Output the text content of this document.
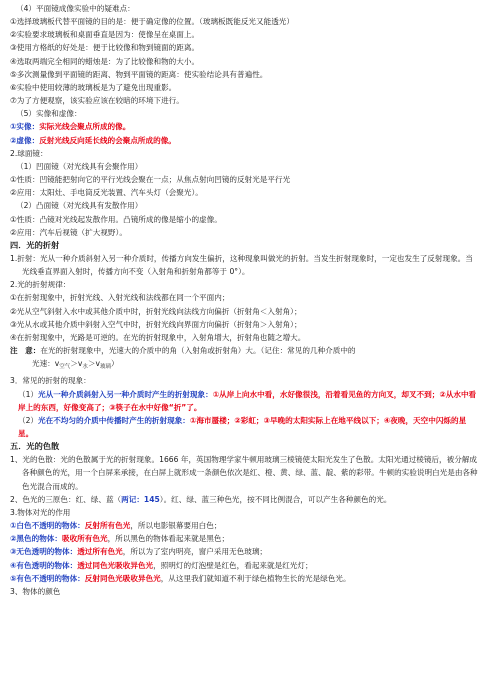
（4）平面镜成像实验中的疑难点：
①选择玻璃板代替平面镜的目的是：便于确定像的位置。（玻璃板既能反光又能透光）
②实验要求玻璃板和桌面垂直是因为：使像呈在桌面上。
③使用方格纸的好处是：便于比较像和物到镜面的距离。
④选取两端完全相同的蜡烛是：为了比较像和物的大小。
⑤多次测量像到平面镜的距离、物到平面镜的距离：使实验结论具有普遍性。
⑥实验中使用较薄的玻璃板是为了避免出现重影。
⑦为了方便观察，该实验应该在较暗的环境下进行。
（5）实像和虚像：
①实像：实际光线会聚点所成的像。
②虚像：反射光线反向延长线的会聚点所成的像。
2.球面镜：
（1）凹面镜（对光线具有会聚作用）
①性质：凹镜能把射向它的平行光线会聚在一点；从焦点射向凹镜的反射光是平行光
②应用：太阳灶、手电筒反光装置、汽车头灯（会聚光）。
（2）凸面镜（对光线具有发散作用）
①性质：凸镜对光线起发散作用。凸镜所成的像是缩小的虚像。
②应用：汽车后视镜（扩大视野）。
四．光的折射
1.折射：光从一种介质斜射入另一种介质时，传播方向发生偏折，这种现象叫做光的折射。当发生折射现象时，一定也发生了反射现象。当光线垂直界面入射时，传播方向不变（入射角和折射角都等于 0°）。
2.光的折射规律：
①在折射现象中，折射光线、入射光线和法线都在同一个平面内；
②光从空气斜射入水中或其他介质中时，折射光线向法线方向偏折（折射角＜入射角）；
③光从水或其他介质中斜射入空气中时，折射光线向界面方向偏折（折射角＞入射角）；
④在折射现象中，光路是可逆的。在光的折射现象中，入射角增大，折射角也随之增大。
注　意：在光的折射现象中，光速大的介质中的角（入射角或折射角）大。（记住：常见的几种介质中的
光速：$v_{空气}>v_水>v_{玻璃}$）
3．常见的折射的现象：
（1）光从一种介质斜射入另一种介质时产生的折射现象：①从岸上向水中看，水好像很浅，沿着看见鱼的方向叉，却叉不到；②从水中看岸上的东西，好像变高了；③筷子在水中好像“折”了。
（2）光在不均匀的介质中传播时产生的折射现象：①海市蜃楼；②彩虹；③早晚的太阳实际上在地平线以下；④夜晚，天空中闪烁的星星。
五．光的色散
1、光的色散：光的色散属于光的折射现象。1666 年，英国物理学家牛顿用玻璃三棱镜使太阳光发生了色散。太阳光通过棱镜后，被分解成各种颜色的光，用一个白屏来承接，在白屏上就形成一条颜色依次是红、橙、黄、绿、蓝、靛、紫的彩带。牛顿的实验说明白光是由各种色光混合而成的。
2、色光的三原色：红、绿、蓝（两记：145）。红、绿、蓝三种色光，按不同比例混合，可以产生各种颜色的光。
3.物体对光的作用
①白色不透明的物体：反射所有色光，所以电影银幕要用白色；
②黑色的物体：吸收所有色光，所以黑色的物体看起来就是黑色；
③无色透明的物体：透过所有色光，所以为了室内明亮，窗户采用无色玻璃；
④有色透明的物体：透过同色光吸收异色光，照明灯的灯泡壁是红色，看起来就是红光灯；
⑤有色不透明的物体：反射同色光吸收异色光，从这里我们就知道不利于绿色植物生长的光是绿色光。
3、物体的颜色
